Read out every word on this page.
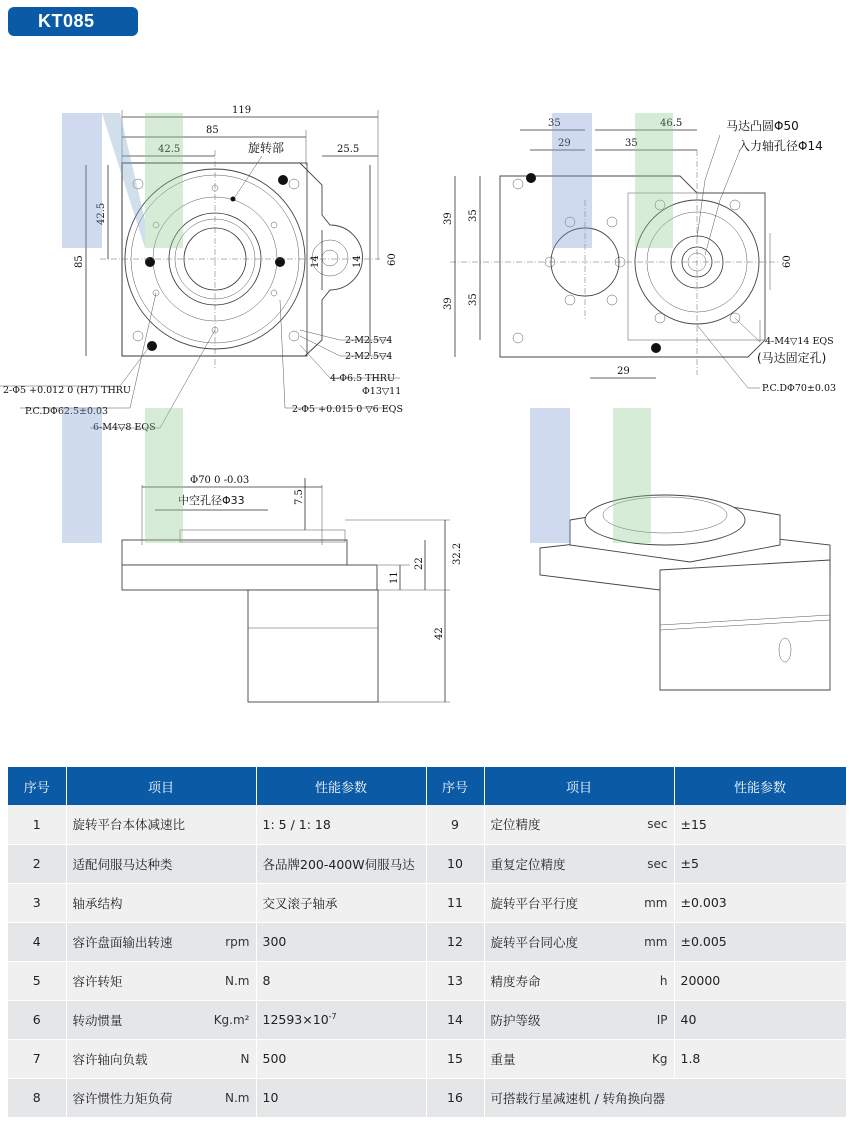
KT085
119
85
42.5	25.5
42.5
85	60
14	14
旋转部
2-M2.5▽4
2-M2.5▽4
4-Φ6.5 THRU
Φ13▽11
2-Φ5 +0.015 0 ▽6 EQS
2-Φ5 +0.012 0 (H7) THRU
P.C.DΦ62.5±0.03
6-M4▽8 EQS
35	46.5
29	35
39 35
39 35
29
60
马达凸圆Φ50
入力轴孔径Φ14
4-M4▽14 EQS
(马达固定孔)
P.C.DΦ70±0.03
Φ70 0 -0.03
中空孔径Φ33	7.5
11
22	32.2
42
序号	项目	性能参数	序号	项目	性能参数
1	旋转平台本体减速比	1: 5 / 1: 18	9	定位精度 sec	±15
2	适配伺服马达种类	各品牌200-400W伺服马达	10	重复定位精度 sec	±5
3	轴承结构	交叉滚子轴承	11	旋转平台平行度 mm	±0.003
4	容许盘面输出转速 rpm	300	12	旋转平台同心度 mm	±0.005
5	容许转矩 N.m	8	13	精度寿命 h	20000
6	转动惯量 Kg.m²	$12593\times 10^{-7}$	14	防护等级 IP	40
7	容许轴向负载 N	500	15	重量 Kg	1.8
8	容许惯性力矩负荷 N.m	10	16	可搭载行星减速机 / 转角换向器	
